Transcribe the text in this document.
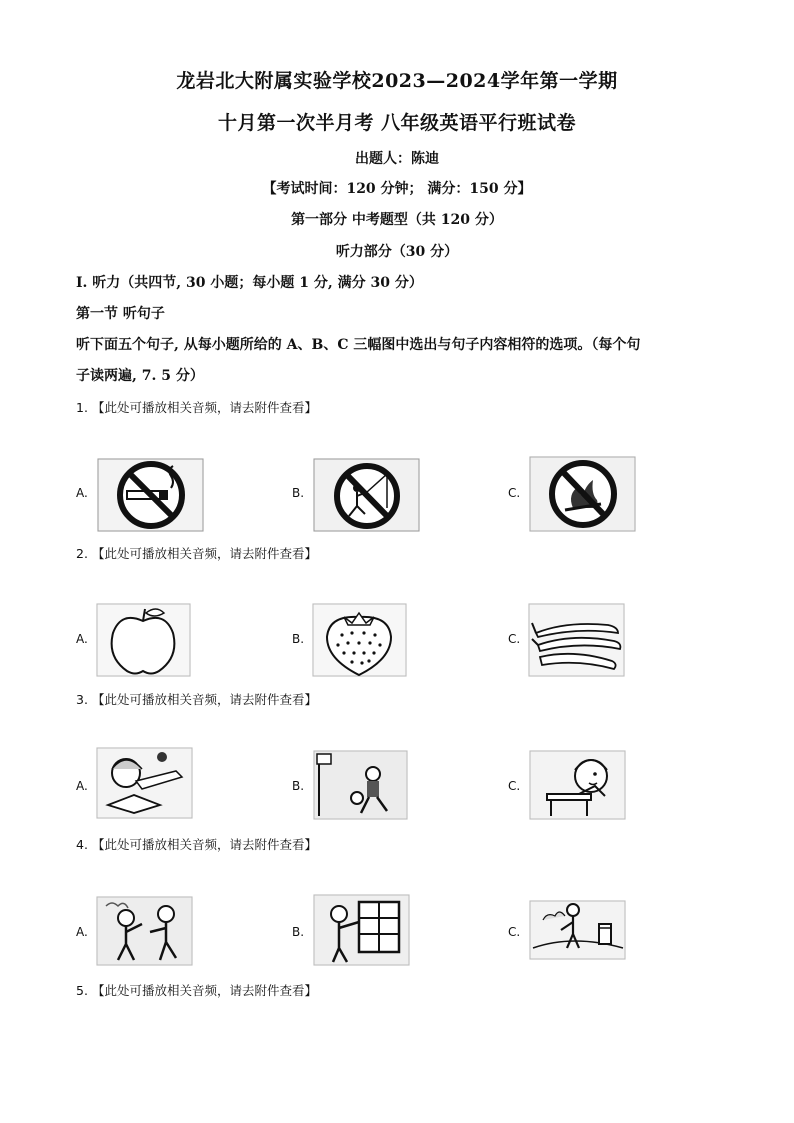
龙岩北大附属实验学校2023—2024学年第一学期
十月第一次半月考 八年级英语平行班试卷
出题人：陈迪
【考试时间：120 分钟； 满分：150 分】
第一部分 中考题型（共 120 分）
听力部分（30 分）
Ⅰ. 听力（共四节, 30 小题；每小题 1 分, 满分 30 分）
第一节 听句子
听下面五个句子, 从每小题所给的 A、B、C 三幅图中选出与句子内容相符的选项。（每个句
子读两遍, 7. 5 分）
1. 【此处可播放相关音频，请去附件查看】
A.	B.	C.
2. 【此处可播放相关音频，请去附件查看】
A.	B.	C.
3. 【此处可播放相关音频，请去附件查看】
A.	B.	C.
4. 【此处可播放相关音频，请去附件查看】
A.	B.	C.
5. 【此处可播放相关音频，请去附件查看】
